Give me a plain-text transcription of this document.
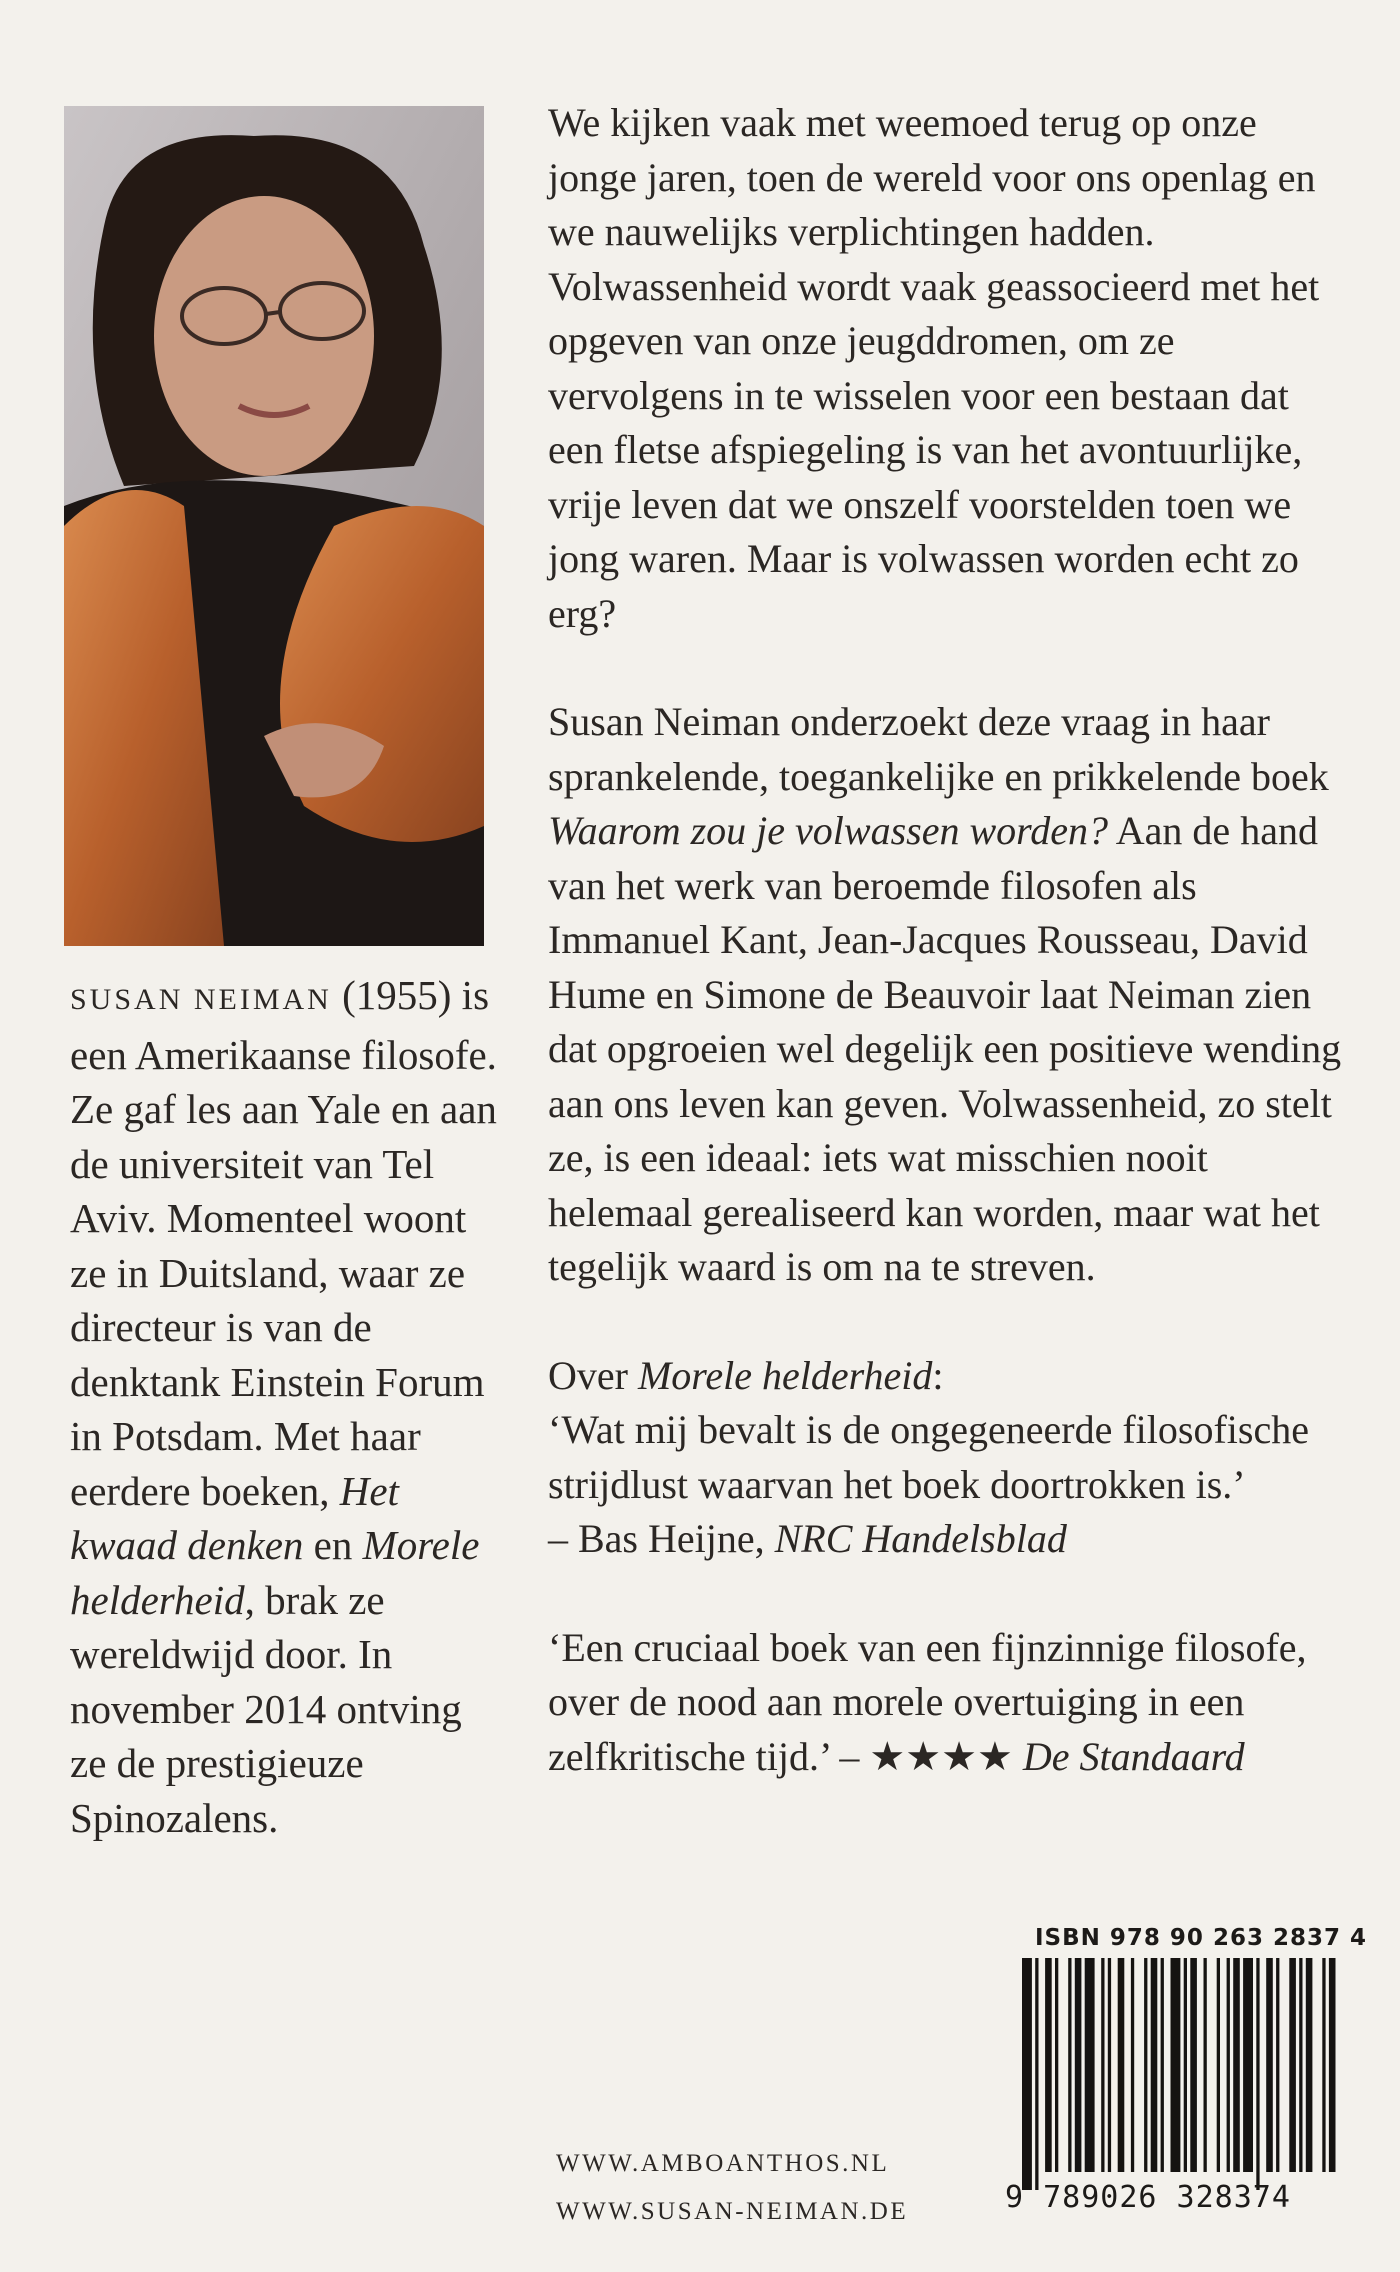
SUSAN NEIMAN (1955) is een Amerikaanse filosofe. Ze gaf les aan Yale en aan de universiteit van Tel Aviv. Momenteel woont ze in Duitsland, waar ze directeur is van de denktank Einstein Forum in Potsdam. Met haar eerdere boeken, Het kwaad denken en Morele helderheid, brak ze wereldwijd door. In november 2014 ontving ze de prestigieuze Spinozalens.

We kijken vaak met weemoed terug op onze jonge jaren, toen de wereld voor ons openlag en we nauwelijks verplichtingen hadden. Volwassenheid wordt vaak geassocieerd met het opgeven van onze jeugddromen, om ze vervolgens in te wisselen voor een bestaan dat een fletse afspiegeling is van het avontuurlijke, vrije leven dat we onszelf voorstelden toen we jong waren. Maar is volwassen worden echt zo erg?

Susan Neiman onderzoekt deze vraag in haar sprankelende, toegankelijke en prikkelende boek Waarom zou je volwassen worden? Aan de hand van het werk van beroemde filosofen als Immanuel Kant, Jean-Jacques Rousseau, David Hume en Simone de Beauvoir laat Neiman zien dat opgroeien wel degelijk een positieve wending aan ons leven kan geven. Volwassenheid, zo stelt ze, is een ideaal: iets wat misschien nooit helemaal gerealiseerd kan worden, maar wat het tegelijk waard is om na te streven.

Over Morele helderheid:

‘Wat mij bevalt is de ongegeneerde filosofische strijdlust waarvan het boek doortrokken is.’

– Bas Heijne, NRC Handelsblad

‘Een cruciaal boek van een fijnzinnige filosofe, over de nood aan morele overtuiging in een zelfkritische tijd.’ – ★★★★ De Standaard

ISBN 978 90 263 2837 4
9 789026 328374
WWW.AMBOANTHOS.NL
WWW.SUSAN-NEIMAN.DE
